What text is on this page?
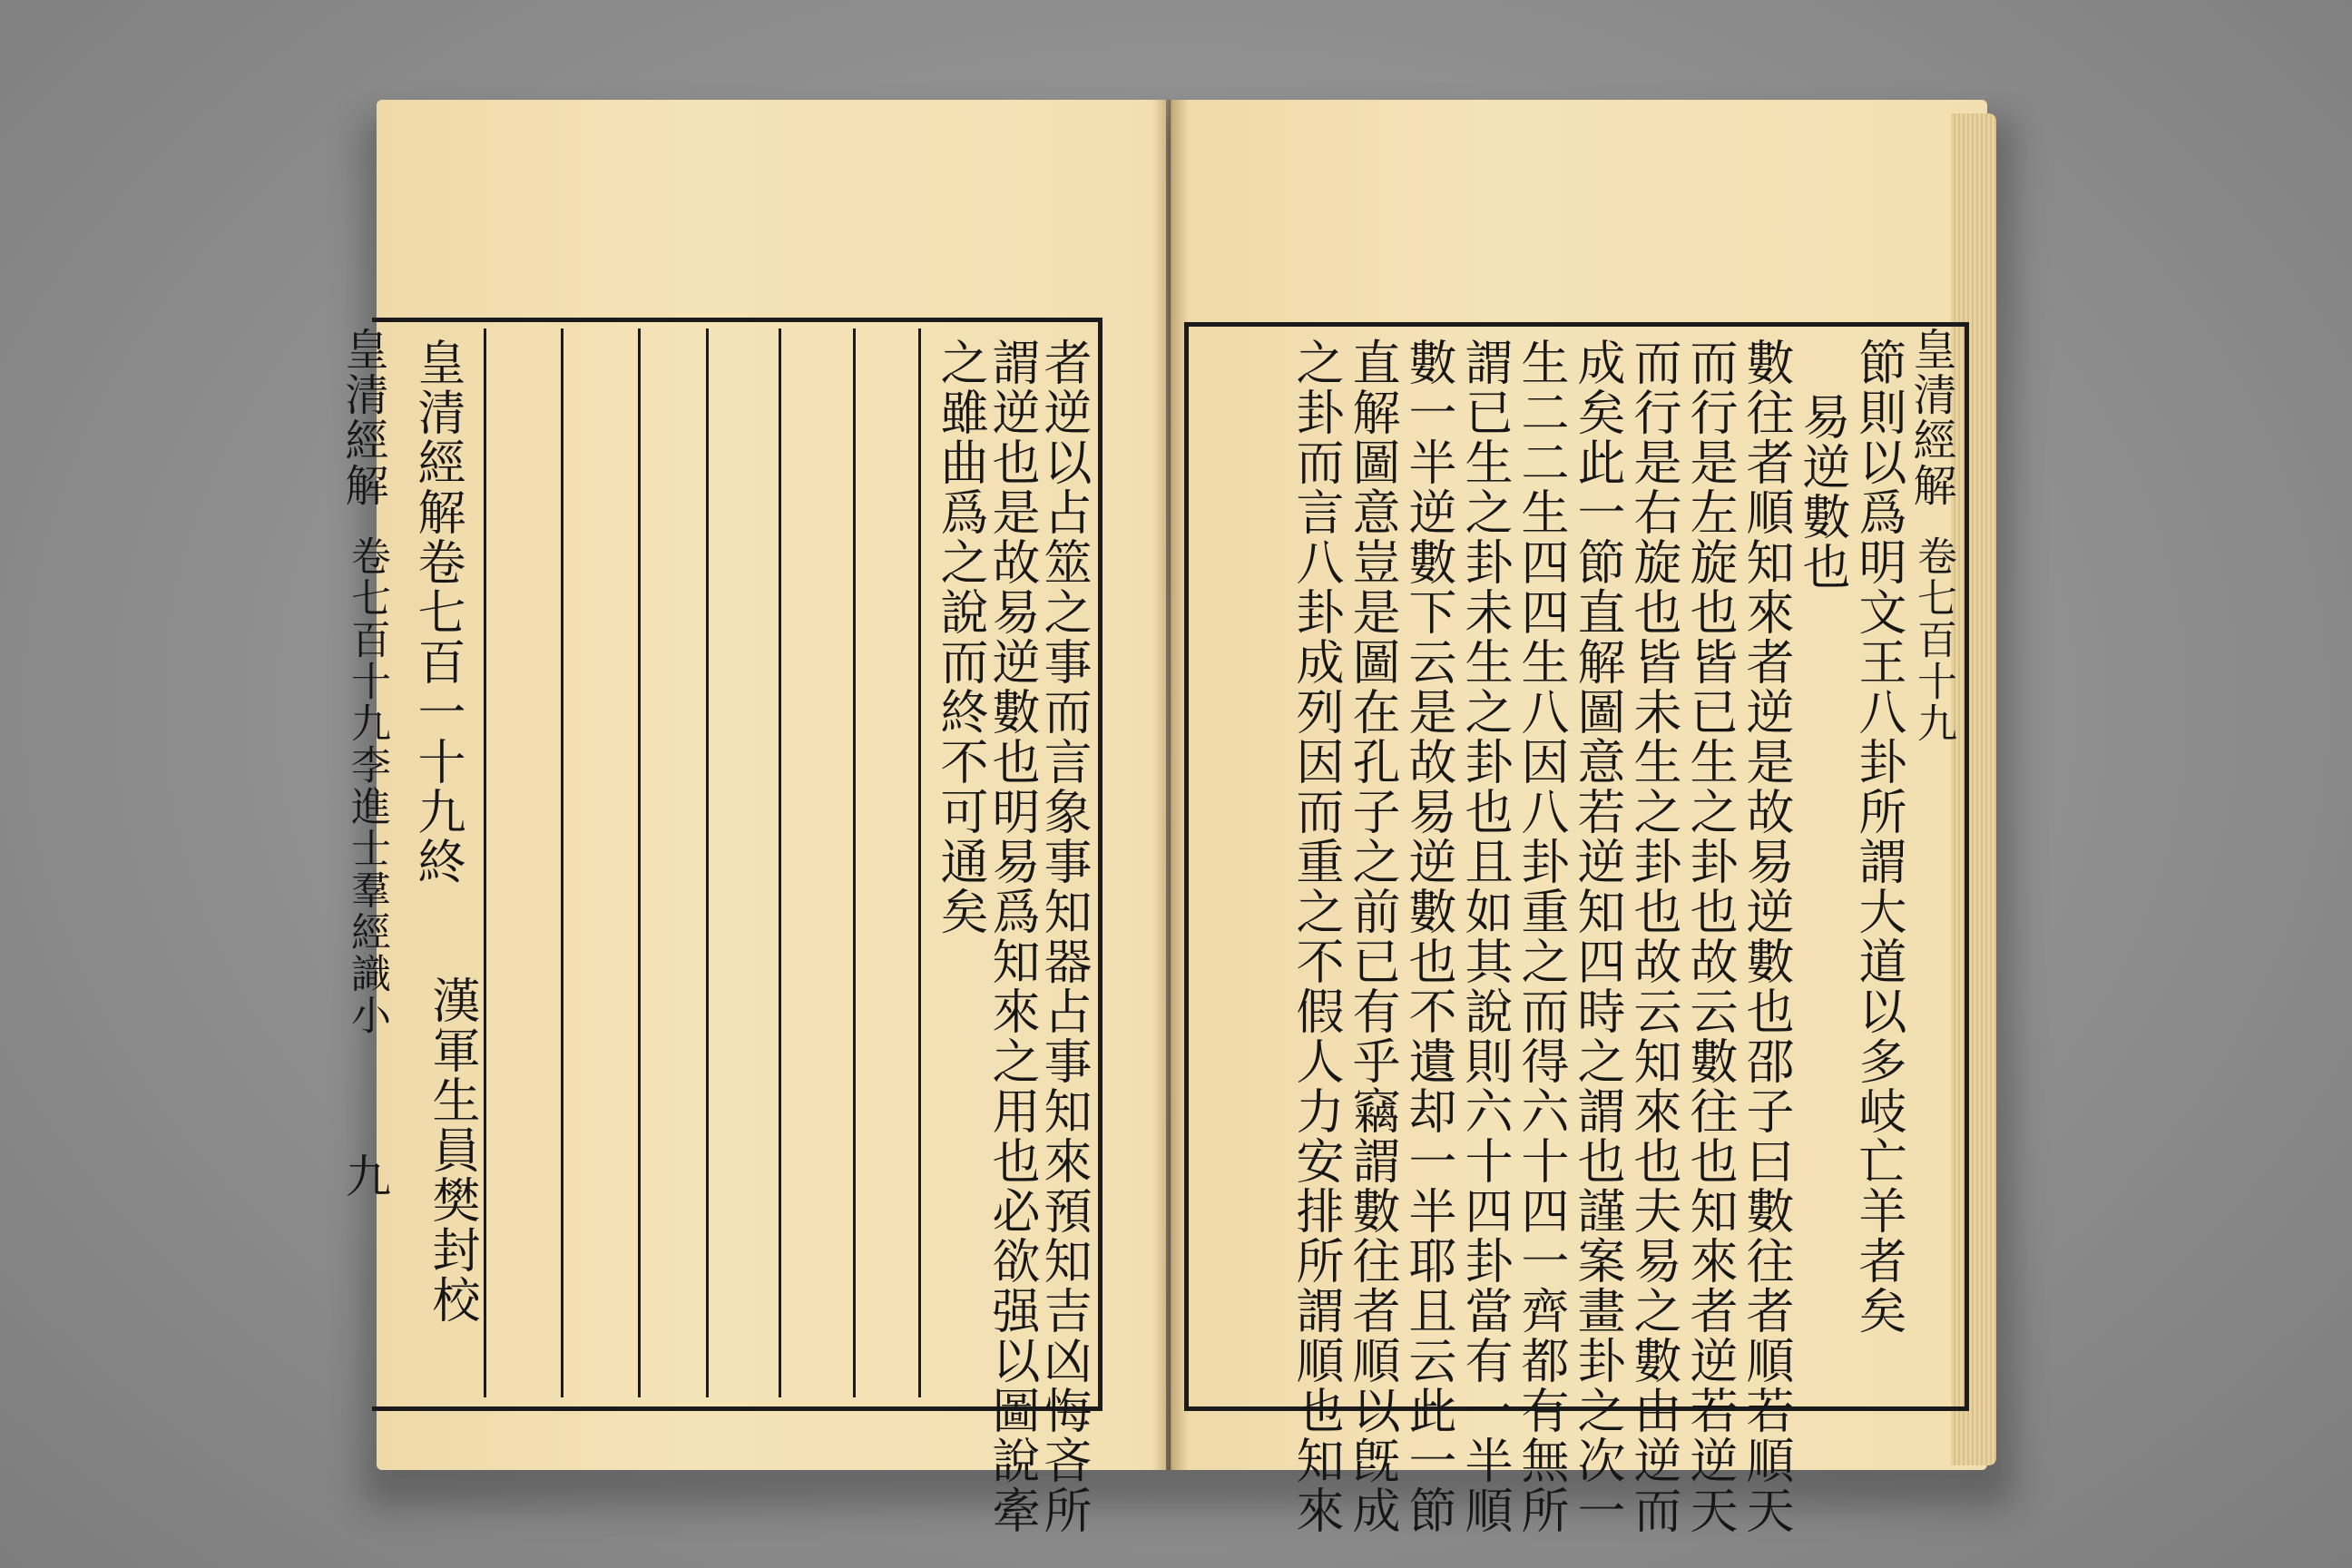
皇清經解
卷七百十九
李進士羣經識小
九
皇清經解卷七百一十九終
漢軍生員樊封校	者逆以占筮之事而言象事知器占事知來預知吉凶悔吝所
謂逆也是故易逆數也明易爲知來之用也必欲强以圖說牽
之雖曲爲之說而終不可通矣	皇清經解
卷七百十九
節則以爲明文王八卦所謂大道以多岐亡羊者矣
易逆數也
數往者順知來者逆是故易逆數也邵子曰數往者順若順天
而行是左旋也皆已生之卦也故云數往也知來者逆若逆天
而行是右旋也皆未生之卦也故云知來也夫易之數由逆而
成矣此一節直解圖意若逆知四時之謂也謹案畫卦之次一
生二二生四四生八因八卦重之而得六十四一齊都有無所
謂已生之卦未生之卦也且如其說則六十四卦當有一半順
數一半逆數下云是故易逆數也不遺却一半耶且云此一節
直解圖意豈是圖在孔子之前已有乎竊謂數往者順以旣成
之卦而言八卦成列因而重之不假人力安排所謂順也知來
